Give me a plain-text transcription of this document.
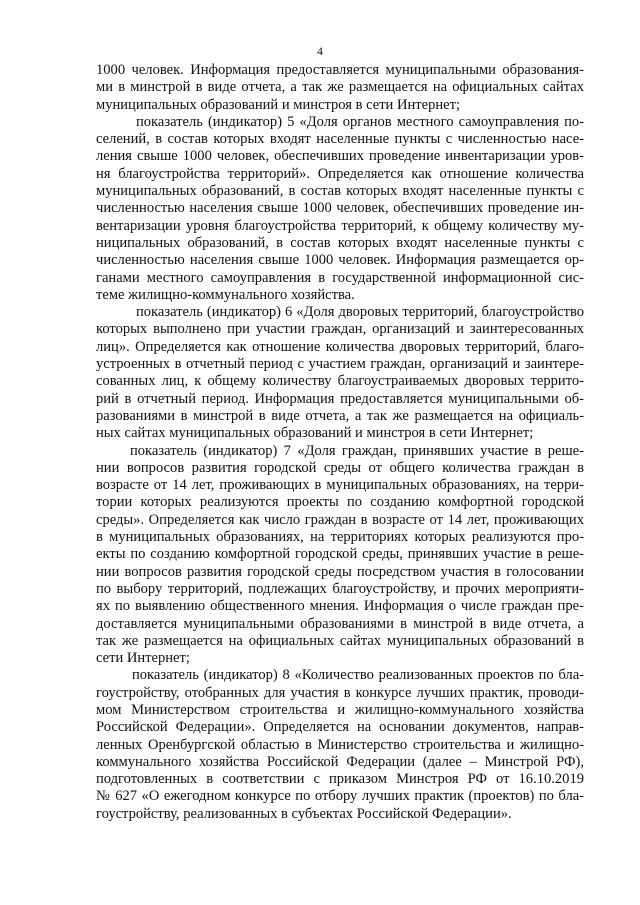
4
1000 человек. Информация предоставляется муниципальными образования-
ми в минстрой в виде отчета, а так же размещается на официальных сайтах
муниципальных образований и минстроя в сети Интернет;
показатель (индикатор) 5 «Доля органов местного самоуправления по-
селений, в состав которых входят населенные пункты с численностью насе-
ления свыше 1000 человек, обеспечивших проведение инвентаризации уров-
ня благоустройства территорий». Определяется как отношение количества
муниципальных образований, в состав которых входят населенные пункты с
численностью населения свыше 1000 человек, обеспечивших проведение ин-
вентаризации уровня благоустройства территорий, к общему количеству му-
ниципальных образований, в состав которых входят населенные пункты с
численностью населения свыше 1000 человек. Информация размещается ор-
ганами местного самоуправления в государственной информационной сис-
теме жилищно-коммунального хозяйства.
показатель (индикатор) 6 «Доля дворовых территорий, благоустройство
которых выполнено при участии граждан, организаций и заинтересованных
лиц». Определяется как отношение количества дворовых территорий, благо-
устроенных в отчетный период с участием граждан, организаций и заинтере-
сованных лиц, к общему количеству благоустраиваемых дворовых террито-
рий в отчетный период. Информация предоставляется муниципальными об-
разованиями в минстрой в виде отчета, а так же размещается на официаль-
ных сайтах муниципальных образований и минстроя в сети Интернет;
показатель (индикатор) 7 «Доля граждан, принявших участие в реше-
нии вопросов развития городской среды от общего количества граждан в
возрасте от 14 лет, проживающих в муниципальных образованиях, на терри-
тории которых реализуются проекты по созданию комфортной городской
среды». Определяется как число граждан в возрасте от 14 лет, проживающих
в муниципальных образованиях, на территориях которых реализуются про-
екты по созданию комфортной городской среды, принявших участие в реше-
нии вопросов развития городской среды посредством участия в голосовании
по выбору территорий, подлежащих благоустройству, и прочих мероприяти-
ях по выявлению общественного мнения. Информация о числе граждан пре-
доставляется муниципальными образованиями в минстрой в виде отчета, а
так же размещается на официальных сайтах муниципальных образований в
сети Интернет;
показатель (индикатор) 8 «Количество реализованных проектов по бла-
гоустройству, отобранных для участия в конкурсе лучших практик, проводи-
мом Министерством строительства и жилищно-коммунального хозяйства
Российской Федерации». Определяется на основании документов, направ-
ленных Оренбургской областью в Министерство строительства и жилищно-
коммунального хозяйства Российской Федерации (далее – Минстрой РФ),
подготовленных в соответствии с приказом Минстроя РФ от 16.10.2019
№ 627 «О ежегодном конкурсе по отбору лучших практик (проектов) по бла-
гоустройству, реализованных в субъектах Российской Федерации».
